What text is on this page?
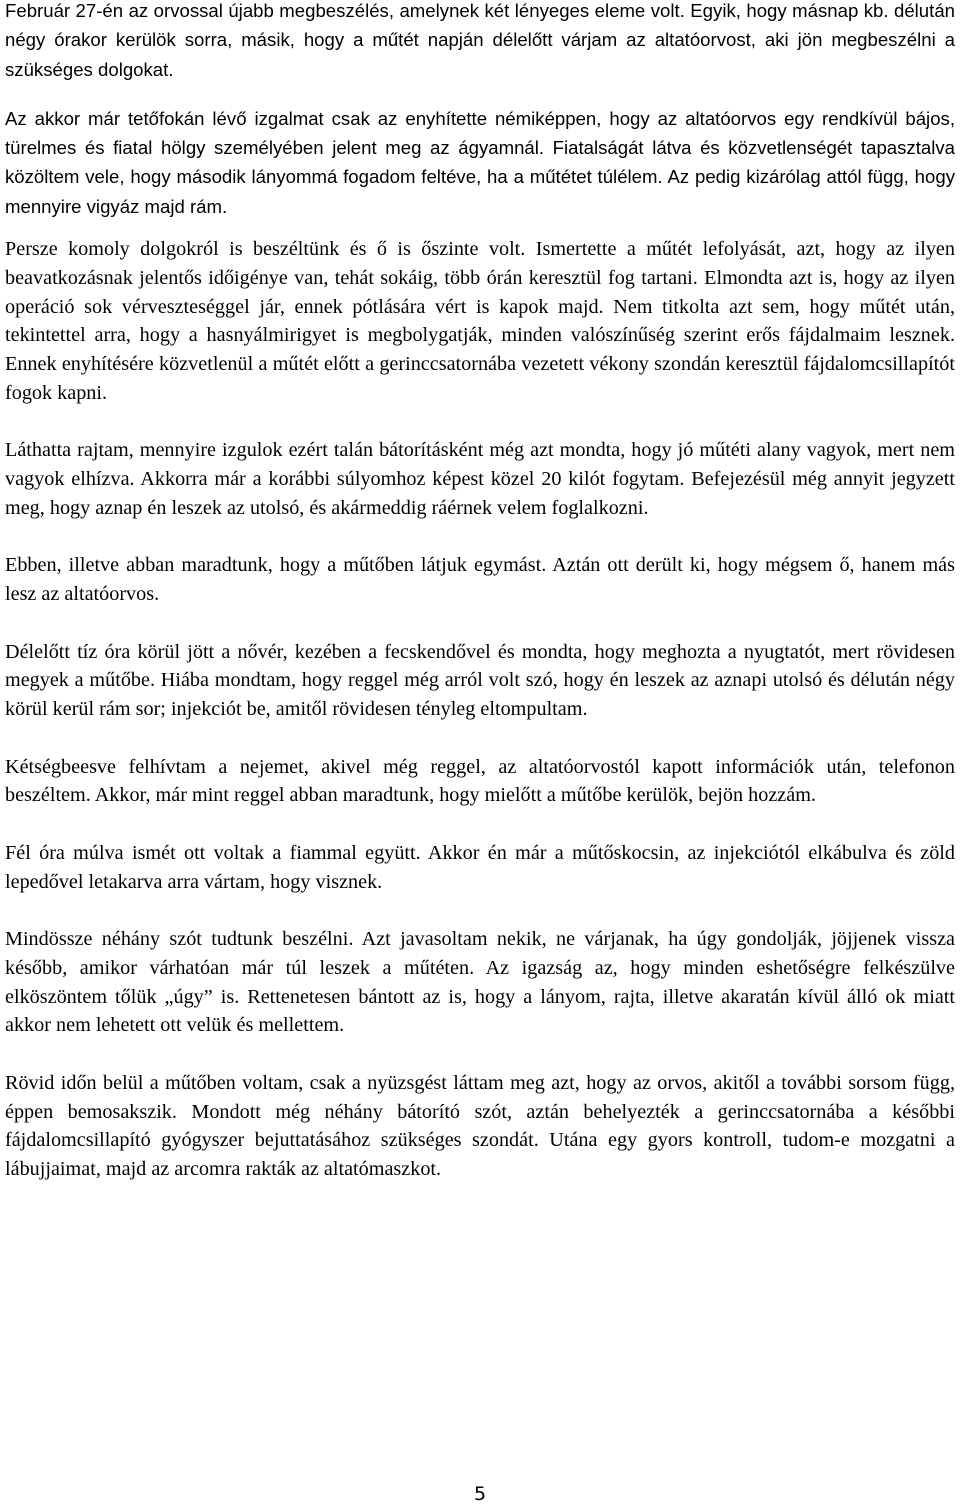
Február 27-én az orvossal újabb megbeszélés, amelynek két lényeges eleme volt. Egyik, hogy másnap kb. délután négy órakor kerülök sorra, másik, hogy a műtét napján délelőtt várjam az altatóorvost, aki jön megbeszélni a szükséges dolgokat.

Az akkor már tetőfokán lévő izgalmat csak az enyhítette némiképpen, hogy az altatóorvos egy rendkívül bájos, türelmes és fiatal hölgy személyében jelent meg az ágyamnál. Fiatalságát látva és közvetlenségét tapasztalva közöltem vele, hogy második lányommá fogadom feltéve, ha a műtétet túlélem. Az pedig kizárólag attól függ, hogy mennyire vigyáz majd rám.

Persze komoly dolgokról is beszéltünk és ő is őszinte volt. Ismertette a műtét lefolyását, azt, hogy az ilyen beavatkozásnak jelentős időigénye van, tehát sokáig, több órán keresztül fog tartani. Elmondta azt is, hogy az ilyen operáció sok vérveszteséggel jár, ennek pótlására vért is kapok majd. Nem titkolta azt sem, hogy műtét után, tekintettel arra, hogy a hasnyálmirigyet is megbolygatják, minden valószínűség szerint erős fájdalmaim lesznek. Ennek enyhítésére közvetlenül a műtét előtt a gerinccsatornába vezetett vékony szondán keresztül fájdalomcsillapítót fogok kapni.

Láthatta rajtam, mennyire izgulok ezért talán bátorításként még azt mondta, hogy jó műtéti alany vagyok, mert nem vagyok elhízva. Akkorra már a korábbi súlyomhoz képest közel 20 kilót fogytam. Befejezésül még annyit jegyzett meg, hogy aznap én leszek az utolsó, és akármeddig ráérnek velem foglalkozni.

Ebben, illetve abban maradtunk, hogy a műtőben látjuk egymást. Aztán ott derült ki, hogy mégsem ő, hanem más lesz az altatóorvos.

Délelőtt tíz óra körül jött a nővér, kezében a fecskendővel és mondta, hogy meghozta a nyugtatót, mert rövidesen megyek a műtőbe. Hiába mondtam, hogy reggel még arról volt szó, hogy én leszek az aznapi utolsó és délután négy körül kerül rám sor; injekciót be, amitől rövidesen tényleg eltompultam.

Kétségbeesve felhívtam a nejemet, akivel még reggel, az altatóorvostól kapott információk után, telefonon beszéltem. Akkor, már mint reggel abban maradtunk, hogy mielőtt a műtőbe kerülök, bejön hozzám.

Fél óra múlva ismét ott voltak a fiammal együtt. Akkor én már a műtőskocsin, az injekciótól elkábulva és zöld lepedővel letakarva arra vártam, hogy visznek.

Mindössze néhány szót tudtunk beszélni. Azt javasoltam nekik, ne várjanak, ha úgy gondolják, jöjjenek vissza később, amikor várhatóan már túl leszek a műtéten. Az igazság az, hogy minden eshetőségre felkészülve elköszöntem tőlük „úgy” is. Rettenetesen bántott az is, hogy a lányom, rajta, illetve akaratán kívül álló ok miatt akkor nem lehetett ott velük és mellettem.

Rövid időn belül a műtőben voltam, csak a nyüzsgést láttam meg azt, hogy az orvos, akitől a további sorsom függ, éppen bemosakszik. Mondott még néhány bátorító szót, aztán behelyezték a gerinccsatornába a későbbi fájdalomcsillapító gyógyszer bejuttatásához szükséges szondát. Utána egy gyors kontroll, tudom-e mozgatni a lábujjaimat, majd az arcomra rakták az altatómaszkot.

5
